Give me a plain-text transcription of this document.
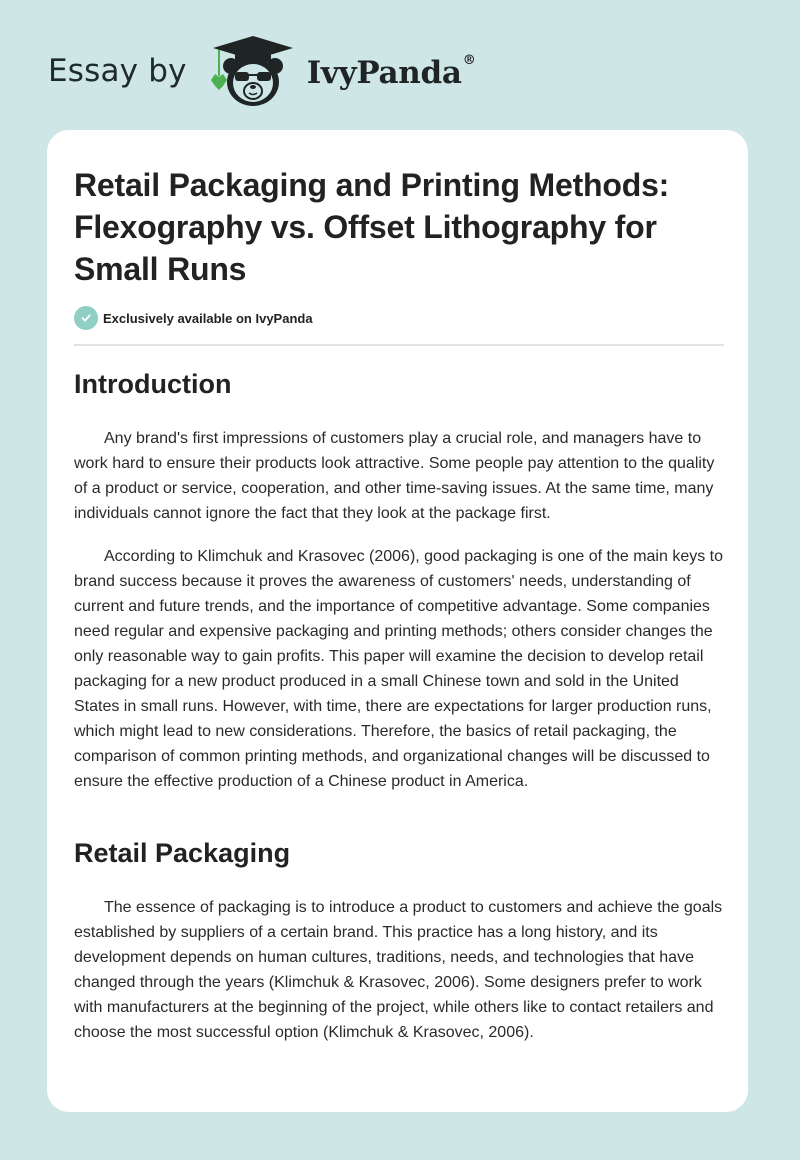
Essay by	IvyPanda®
Retail Packaging and Printing Methods: Flexography vs. Offset Lithography for Small Runs
Exclusively available on IvyPanda
Introduction

Any brand's first impressions of customers play a crucial role, and managers have to work hard to ensure their products look attractive. Some people pay attention to the quality of a product or service, cooperation, and other time-saving issues. At the same time, many individuals cannot ignore the fact that they look at the package first.

According to Klimchuk and Krasovec (2006), good packaging is one of the main keys to brand success because it proves the awareness of customers' needs, understanding of current and future trends, and the importance of competitive advantage. Some companies need regular and expensive packaging and printing methods; others consider changes the only reasonable way to gain profits. This paper will examine the decision to develop retail packaging for a new product produced in a small Chinese town and sold in the United States in small runs. However, with time, there are expectations for larger production runs, which might lead to new considerations. Therefore, the basics of retail packaging, the comparison of common printing methods, and organizational changes will be discussed to ensure the effective production of a Chinese product in America.

Retail Packaging

The essence of packaging is to introduce a product to customers and achieve the goals established by suppliers of a certain brand. This practice has a long history, and its development depends on human cultures, traditions, needs, and technologies that have changed through the years (Klimchuk & Krasovec, 2006). Some designers prefer to work with manufacturers at the beginning of the project, while others like to contact retailers and choose the most successful option (Klimchuk & Krasovec, 2006).
